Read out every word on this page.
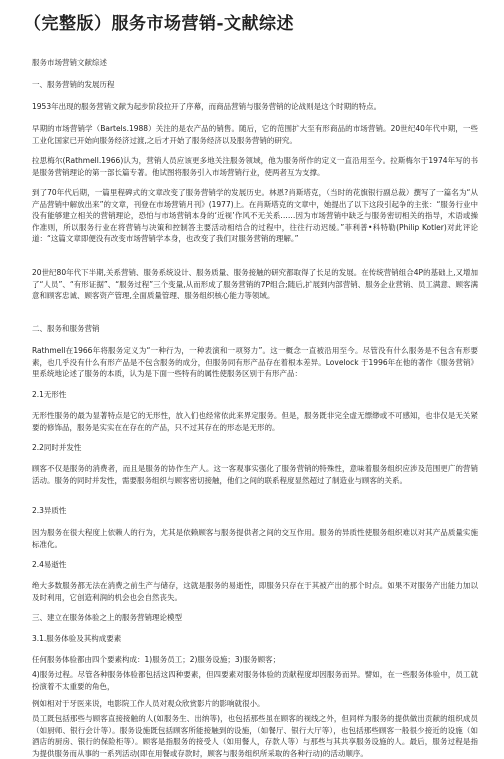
（完整版）服务市场营销-文献综述

服务市场营销文献综述

一、服务营销的发展历程

1953年出现的服务营销文献为起步阶段拉开了序幕，而商品营销与服务营销的论战则是这个时期的特点。

早期的市场营销学（Bartels.1988）关注的是农产品的销售。随后，它的范围扩大至有形商品的市场营销。20世纪40年代中期，一些工业化国家已开始向服务经济过渡,之后才开始了服务经济以及服务营销的研究。

拉思梅尔(Rathmell.1966)认为，营销人员应该更多地关注服务领域，他为服务所作的定义一直沿用至今。拉斯梅尔于1974年写的书是服务营销理论的第一部长篇专著。他试图将服务引入市场营销行业，使两者互为支撑。

到了70年代后期，一篇里程碑式的文章改变了服务营销学的发展历史。林恩?肖斯塔克，（当时的花旗银行副总裁）撰写了一篇名为“从产品营销中解放出来”的文章，刊登在市场营销月刊》(1977)上。在肖斯塔克的文章中，她提出了以下这段引起争的主张：“服务行业中没有能够建立相关的营销理论，恐怕与市场营销本身的‘近视’作风不无关系……因为市场营销中缺乏与服务密切相关的指导，术语或操作准则，所以服务行业在将营销与决策和控制答主要活动相结合的过程中，往往行动迟缓。”菲利普•科特勒(Philip Kotler)对此评论道：“这篇文章即便没有改变市场营销学本身，也改变了我们对服务营销的理解。”

20世纪80年代下半期,关系营销、服务系统设计、服务质量、服务接触的研究都取得了长足的发展。在传统营销组合4P的基础上,又增加了“人员”、“有形证据”、“服务过程”三个变量,从而形成了服务营销的7P组合;随后,扩展到内部营销、服务企业营销、员工满意、顾客满意和顾客忠诚、顾客资产管理,全面质量管理、服务组织核心能力等领域。

二、服务和服务营销

Rathmell在1966年将服务定义为“一种行为，一种表演和一项努力”。这一概念一直被沿用至今。尽管没有什么服务是不包含有形要素，也几乎没有什么有形产品是不包含服务的成分，但服务同有形产品存在着根本差异。Lovelock 于1996年在他的著作《服务营销》里系统地论述了服务的本质，认为是下面一些特有的属性使服务区别于有形产品：

2.1无形性

无形性服务的最为显著特点是它的无形性，放入们也经常依此来界定服务。但是，服务既非完全虚无缥缈或不可感知，也非仅是无关紧要的修饰品，服务是实实在在存在的产品，只不过其存在的形态是无形的。

2.2同时并发性

顾客不仅是服务的消费者，而且是服务的协作生产人。这一客观事实强化了服务营销的特殊性，意味着服务组织应涉及范围更广的营销活动。服务的同时并发性，需要服务组织与顾客密切接触，他们之间的联系程度显然超过了制造业与顾客的关系。

2.3异质性

因为服务在很大程度上依赖人的行为，尤其是依赖顾客与服务提供者之间的交互作用。服务的异质性使服务组织难以对其产品质量实施标准化。

2.4易逝性

绝大多数服务都无法在消费之前生产与储存，这就是服务的易逝性，即服务只存在于其被产出的那个时点。如果不对服务产出能力加以及时利用，它创造利润的机会也会自然丧失。

三、建立在服务体验之上的服务营销理论模型

3.1.服务体验及其构成要素

任何服务体验都由四个要素构成：1)服务员工；2)服务设施；3)服务顾客；

4)服务过程。尽管各种服务体验都包括这四种要素，但四要素对服务体验的贡献程度却因服务而异。譬如，在一些服务体验中，员工就扮演着不太重要的角色，

例如相对于牙医来说，电影院工作人员对观众欣赏影片的影响就很小。

员工既包括那些与顾客直接接触的人(如服务生、出纳等)，也包括那些虽在顾客的视线之外，但同样为服务的提供做出贡献的组织成员（如厨师、银行会计等）。服务设施既包括顾客所能接触到的设施，（如餐厅、银行大厅等），也包括那些顾客一般很少接近的设施（如酒店的厨房、银行的保险柜等）。顾客是指服务的接受人（如用餐人，存款人等）与那些与其共享服务设施的人。最后，服务过程是指为提供服务而从事的一系列活动(即在用餐或存款时，顾客与服务组织所采取的各种行动)的活动顺序。
